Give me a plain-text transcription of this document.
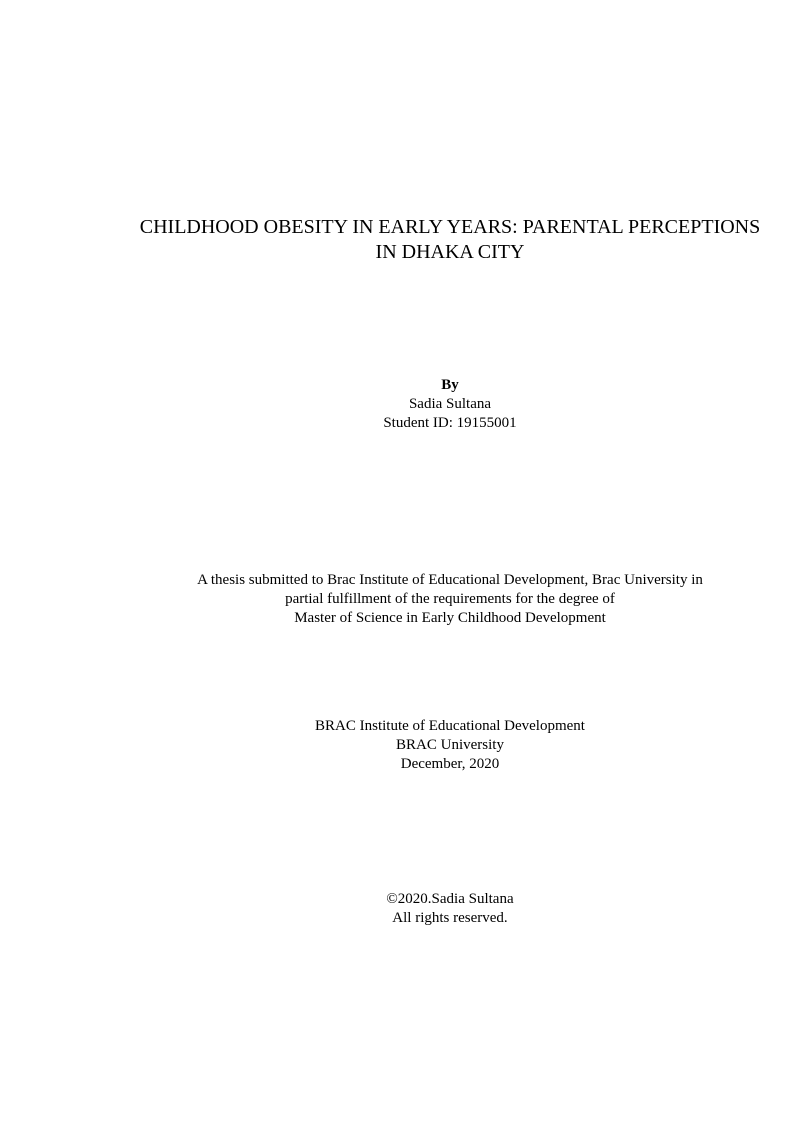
CHILDHOOD OBESITY IN EARLY YEARS: PARENTAL PERCEPTIONS
IN DHAKA CITY
By
Sadia Sultana
Student ID: 19155001
A thesis submitted to Brac Institute of Educational Development, Brac University in
partial fulfillment of the requirements for the degree of
Master of Science in Early Childhood Development
BRAC Institute of Educational Development
BRAC University
December, 2020
©2020.Sadia Sultana
All rights reserved.
